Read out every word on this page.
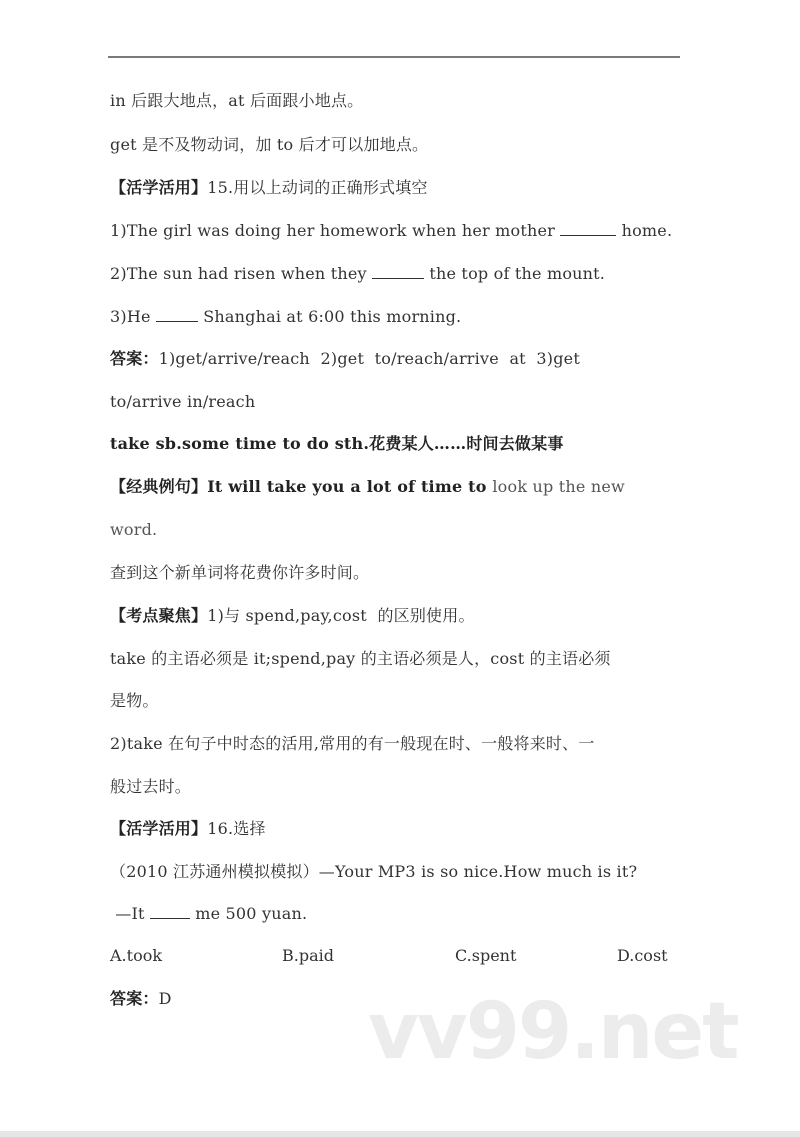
in 后跟大地点，at 后面跟小地点。
get 是不及物动词，加 to 后才可以加地点。
【活学活用】15.用以上动词的正确形式填空
1)The girl was doing her homework when her mother	home.
2)The sun had risen when they	the top of the mount.
3)He	Shanghai at 6:00 this morning.
答案：1)get/arrive/reach  2)get  to/reach/arrive  at  3)get
to/arrive in/reach
take sb.some time to do sth.花费某人……时间去做某事
【经典例句】It will take you a lot of time to look up the new
word.
查到这个新单词将花费你许多时间。
【考点聚焦】1)与 spend,pay,cost  的区别使用。
take 的主语必须是 it;spend,pay 的主语必须是人，cost 的主语必须
是物。
2)take 在句子中时态的活用,常用的有一般现在时、一般将来时、一
般过去时。
【活学活用】16.选择
（2010 江苏通州模拟模拟）—Your MP3 is so nice.How much is it?
—It	me 500 yuan.
A.took	B.paid	C.spent	D.cost
答案：D	vv99.net
